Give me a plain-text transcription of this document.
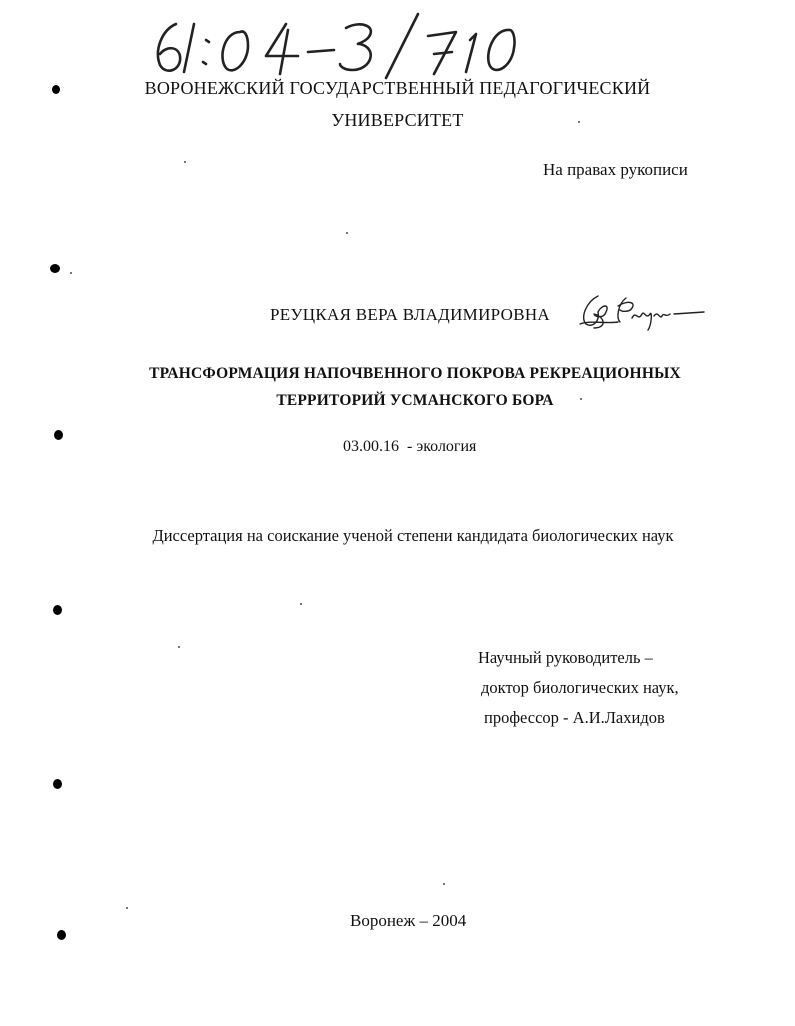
ВОРОНЕЖСКИЙ ГОСУДАРСТВЕННЫЙ ПЕДАГОГИЧЕСКИЙ
УНИВЕРСИТЕТ
На правах рукописи
РЕУЦКАЯ ВЕРА ВЛАДИМИРОВНА
ТРАНСФОРМАЦИЯ НАПОЧВЕННОГО ПОКРОВА РЕКРЕАЦИОННЫХ
ТЕРРИТОРИЙ УСМАНСКОГО БОРА
03.00.16 - экология
Диссертация на соискание ученой степени кандидата биологических наук
Научный руководитель –
доктор биологических наук,
профессор - А.И.Лахидов
Воронеж – 2004
